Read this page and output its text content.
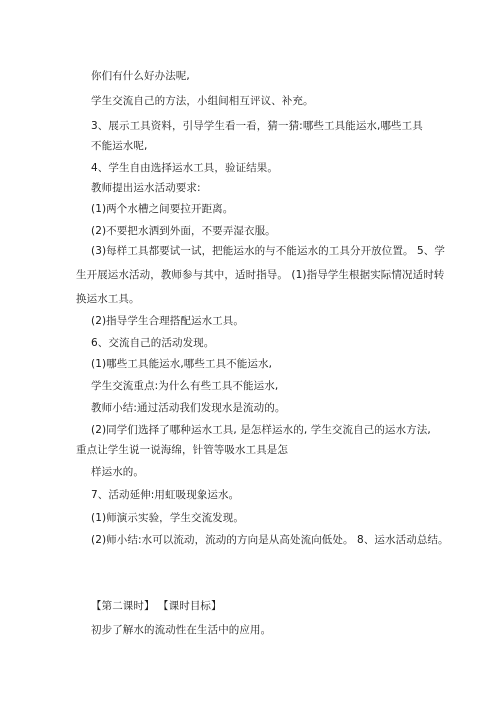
你们有什么好办法呢,
学生交流自己的方法，小组间相互评议、补充。
3、展示工具资料，引导学生看一看，猜一猜:哪些工具能运水,哪些工具
不能运水呢,
4、学生自由选择运水工具，验证结果。
教师提出运水活动要求:
(1)两个水槽之间要拉开距离。
(2)不要把水洒到外面，不要弄湿衣服。
(3)每样工具都要试一试，把能运水的与不能运水的工具分开放位置。 5、学
生开展运水活动，教师参与其中，适时指导。 (1)指导学生根据实际情况适时转
换运水工具。
(2)指导学生合理搭配运水工具。
6、交流自己的活动发现。
(1)哪些工具能运水,哪些工具不能运水,
学生交流重点:为什么有些工具不能运水,
教师小结:通过活动我们发现水是流动的。
(2)同学们选择了哪种运水工具, 是怎样运水的, 学生交流自己的运水方法,
重点让学生说一说海绵，针管等吸水工具是怎
样运水的。
7、活动延伸:用虹吸现象运水。
(1)师演示实验，学生交流发现。
(2)师小结:水可以流动，流动的方向是从高处流向低处。 8、运水活动总结。
【第二课时】 【课时目标】
初步了解水的流动性在生活中的应用。
